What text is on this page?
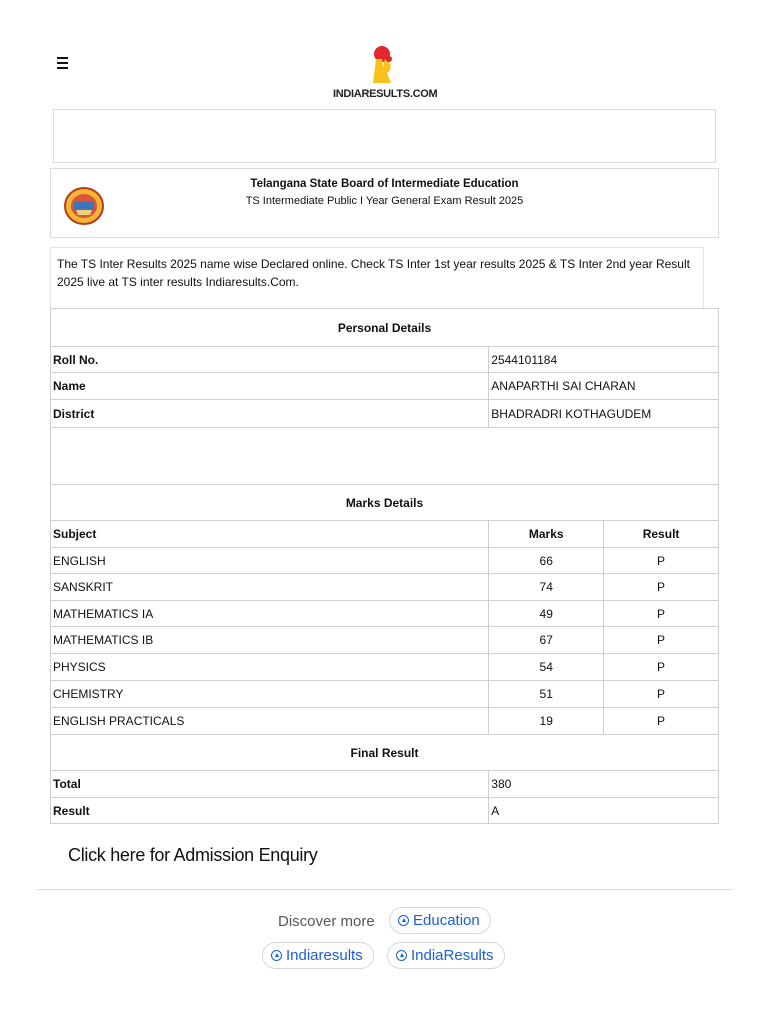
INDIARESULTS.COM
Telangana State Board of Intermediate Education
TS Intermediate Public I Year General Exam Result 2025
The TS Inter Results 2025 name wise Declared online. Check TS Inter 1st year results 2025 & TS Inter 2nd year Result 2025 live at TS inter results Indiaresults.Com.
Personal Details		
Roll No.	2544101184	
Name	ANAPARTHI SAI CHARAN	
District	BHADRADRI KOTHAGUDEM	

Marks Details		
Subject	Marks	Result
ENGLISH	66	P
SANSKRIT	74	P
MATHEMATICS IA	49	P
MATHEMATICS IB	67	P
PHYSICS	54	P
CHEMISTRY	51	P
ENGLISH PRACTICALS	19	P
Final Result		
Total	380	
Result	A	
Click here for Admission Enquiry
Discover more	Education
Indiaresults	IndiaResults
